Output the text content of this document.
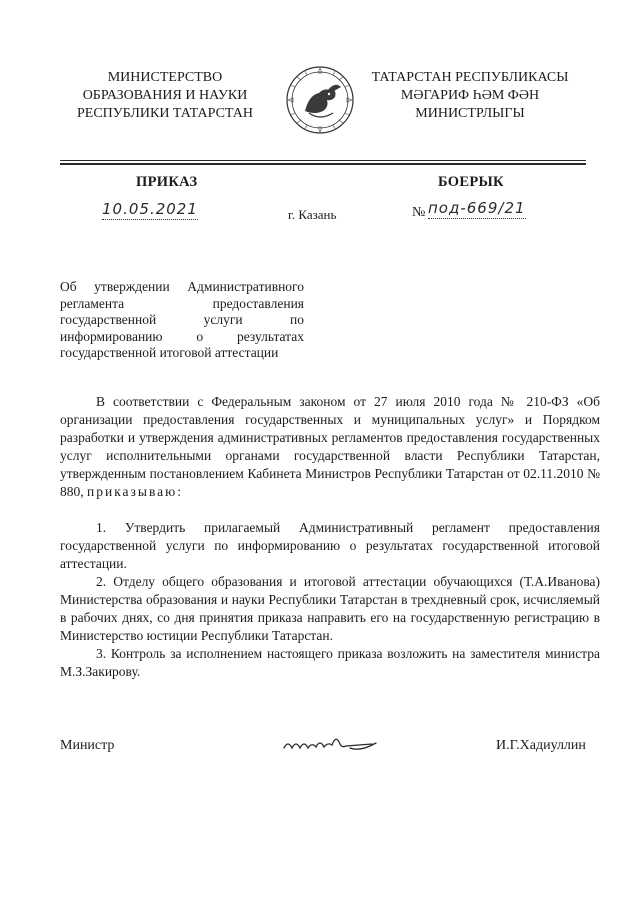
МИНИСТЕРСТВО
ОБРАЗОВАНИЯ И НАУКИ
РЕСПУБЛИКИ ТАТАРСТАН
ТАТАРСТАН РЕСПУБЛИКАСЫ
МӘГАРИФ ҺӘМ ФӘН
МИНИСТРЛЫГЫ
ПРИКАЗ	БОЕРЫК
10.05.2021	г. Казань	№ под-669/21
Об утверждении Административного
регламента предоставления
государственной услуги по
информированию о результатах
государственной итоговой аттестации

В соответствии с Федеральным законом от 27 июля 2010 года № 210-ФЗ «Об организации предоставления государственных и муниципальных услуг» и Порядком разработки и утверждения административных регламентов предоставления государственных услуг исполнительными органами государственной власти Республики Татарстан, утвержденным постановлением Кабинета Министров Республики Татарстан от 02.11.2010 № 880, приказываю:

1. Утвердить прилагаемый Административный регламент предоставления государственной услуги по информированию о результатах государственной итоговой аттестации.

2. Отделу общего образования и итоговой аттестации обучающихся (Т.А.Иванова) Министерства образования и науки Республики Татарстан в трехдневный срок, исчисляемый в рабочих днях, со дня принятия приказа направить его на государственную регистрацию в Министерство юстиции Республики Татарстан.

3. Контроль за исполнением настоящего приказа возложить на заместителя министра М.З.Закирову.

Министр	И.Г.Хадиуллин
